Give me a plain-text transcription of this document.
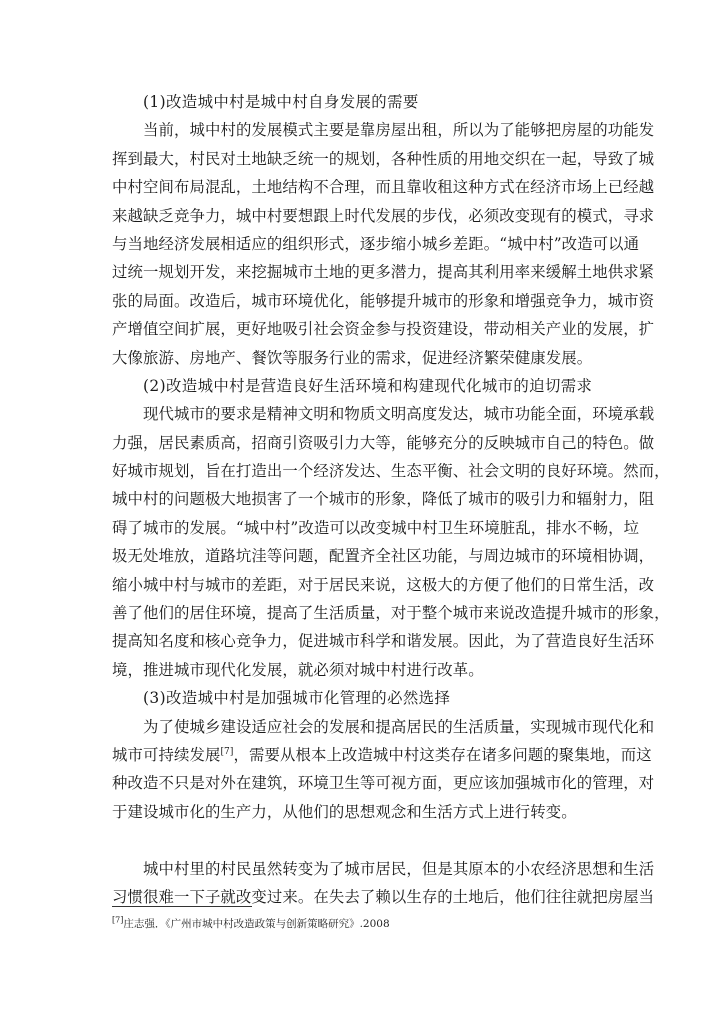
(1)改造城中村是城中村自身发展的需要
当前，城中村的发展模式主要是靠房屋出租，所以为了能够把房屋的功能发
挥到最大，村民对土地缺乏统一的规划，各种性质的用地交织在一起，导致了城
中村空间布局混乱，土地结构不合理，而且靠收租这种方式在经济市场上已经越
来越缺乏竞争力，城中村要想跟上时代发展的步伐，必须改变现有的模式，寻求
与当地经济发展相适应的组织形式，逐步缩小城乡差距。“城中村”改造可以通
过统一规划开发，来挖掘城市土地的更多潜力，提高其利用率来缓解土地供求紧
张的局面。改造后，城市环境优化，能够提升城市的形象和增强竞争力，城市资
产增值空间扩展，更好地吸引社会资金参与投资建设，带动相关产业的发展，扩
大像旅游、房地产、餐饮等服务行业的需求，促进经济繁荣健康发展。
(2)改造城中村是营造良好生活环境和构建现代化城市的迫切需求
现代城市的要求是精神文明和物质文明高度发达，城市功能全面，环境承载
力强，居民素质高，招商引资吸引力大等，能够充分的反映城市自己的特色。做
好城市规划，旨在打造出一个经济发达、生态平衡、社会文明的良好环境。然而，
城中村的问题极大地损害了一个城市的形象，降低了城市的吸引力和辐射力，阻
碍了城市的发展。“城中村”改造可以改变城中村卫生环境脏乱，排水不畅，垃
圾无处堆放，道路坑洼等问题，配置齐全社区功能，与周边城市的环境相协调，
缩小城中村与城市的差距，对于居民来说，这极大的方便了他们的日常生活，改
善了他们的居住环境，提高了生活质量，对于整个城市来说改造提升城市的形象，
提高知名度和核心竞争力，促进城市科学和谐发展。因此，为了营造良好生活环
境，推进城市现代化发展，就必须对城中村进行改革。
(3)改造城中村是加强城市化管理的必然选择
为了使城乡建设适应社会的发展和提高居民的生活质量，实现城市现代化和
城市可持续发展[7]，需要从根本上改造城中村这类存在诸多问题的聚集地，而这
种改造不只是对外在建筑，环境卫生等可视方面，更应该加强城市化的管理，对
于建设城市化的生产力，从他们的思想观念和生活方式上进行转变。
城中村里的村民虽然转变为了城市居民，但是其原本的小农经济思想和生活
习惯很难一下子就改变过来。在失去了赖以生存的土地后，他们往往就把房屋当
[7]庄志强．《广州市城中村改造政策与创新策略研究》.2008
